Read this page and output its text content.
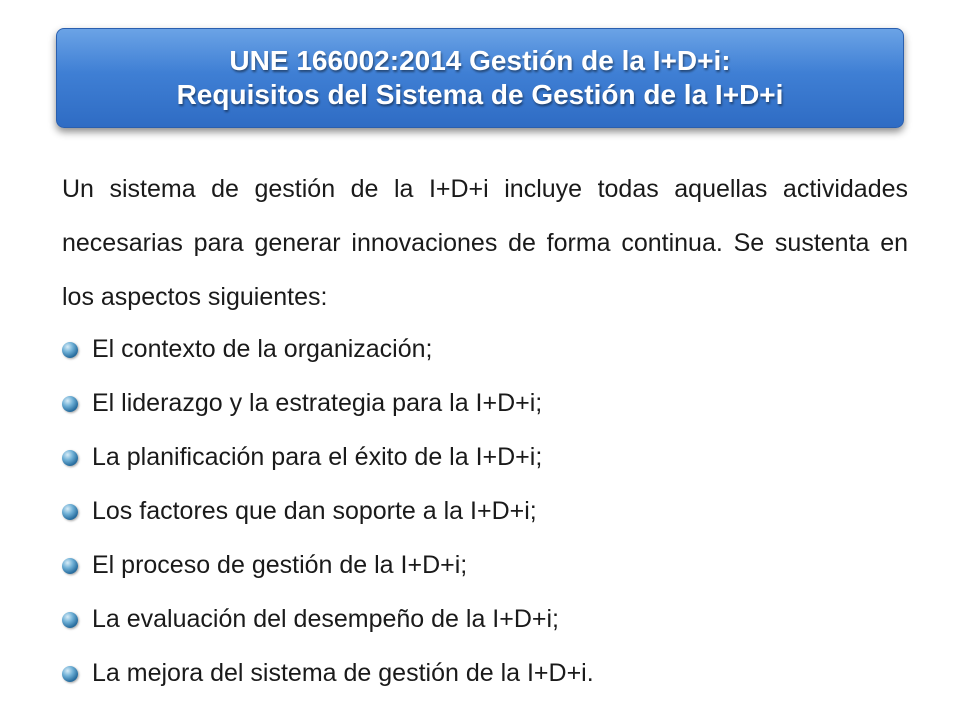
UNE 166002:2014 Gestión de la I+D+i:
Requisitos del Sistema de Gestión de la I+D+i

Un sistema de gestión de la I+D+i incluye todas aquellas actividades necesarias para generar innovaciones de forma continua. Se sustenta en los aspectos siguientes:

El contexto de la organización;
El liderazgo y la estrategia para la I+D+i;
La planificación para el éxito de la I+D+i;
Los factores que dan soporte a la I+D+i;
El proceso de gestión de la I+D+i;
La evaluación del desempeño de la I+D+i;
La mejora del sistema de gestión de la I+D+i.
